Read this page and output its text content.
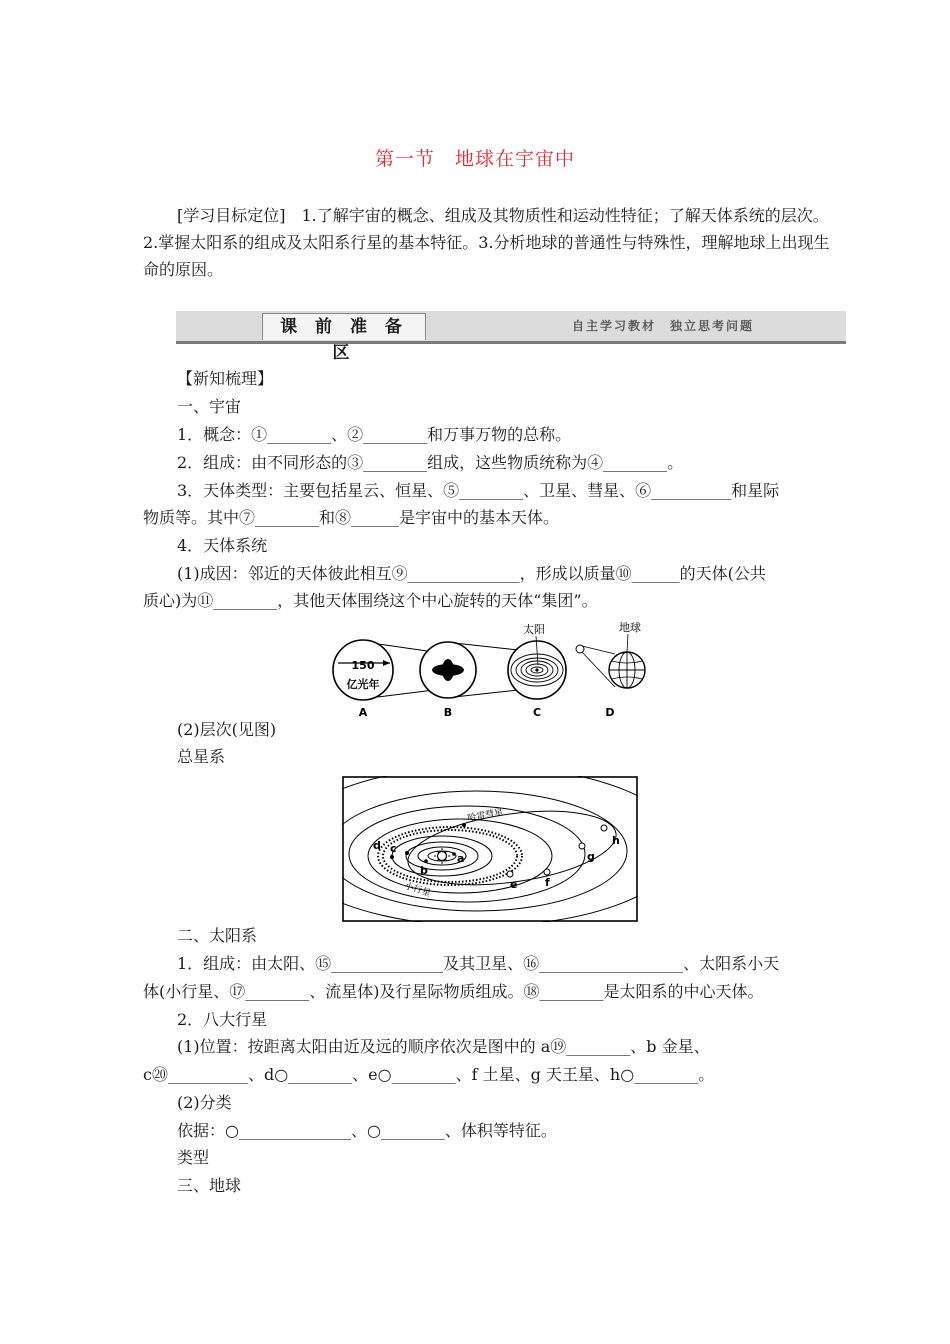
第一节　地球在宇宙中

[学习目标定位]　1.了解宇宙的概念、组成及其物质性和运动性特征；了解天体系统的层次。2.掌握太阳系的组成及太阳系行星的基本特征。3.分析地球的普通性与特殊性，理解地球上出现生命的原因。

课 前 准 备 区
自主学习教材　独立思考问题
【新知梳理】
一、宇宙
1．概念：①________、②________和万事万物的总称。
2．组成：由不同形态的③________组成，这些物质统称为④________。
3．天体类型：主要包括星云、恒星、⑤________、卫星、彗星、⑥__________和星际
物质等。其中⑦________和⑧______是宇宙中的基本天体。
4．天体系统
(1)成因：邻近的天体彼此相互⑨______________，形成以质量⑩______的天体(公共
质心)为⑪________，其他天体围绕这个中心旋转的天体“集团”。
150
亿光年
太阳	地球
A	B	C	D
(2)层次(见图)
总星系
哈雷彗星
小行星
a
b
c
d
e	f
g
h
二、太阳系
1．组成：由太阳、⑮______________及其卫星、⑯__________________、太阳系小天
体(小行星、⑰________、流星体)及行星际物质组成。⑱________是太阳系的中心天体。
2．八大行星
(1)位置：按距离太阳由近及远的顺序依次是图中的 a⑲________、b 金星、
c⑳__________、d○________、e○________、f 土星、g 天王星、h○________。
(2)分类
依据：○______________、○________、体积等特征。
类型
三、地球
